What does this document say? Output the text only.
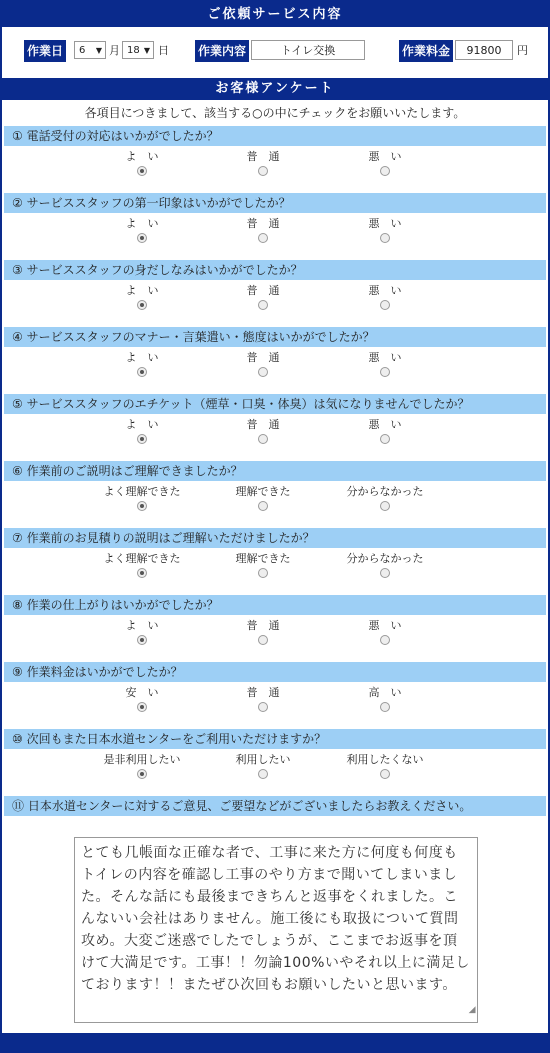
ご依頼サービス内容
作業日	6 ▼ 月 18 ▼ 日 作業内容	トイレ交換	作業料金	91800	円
お客様アンケート
各項目につきまして、該当する○の中にチェックをお願いいたします。
① 電話受付の対応はいかがでしたか？
よ　い	普　通	悪　い
② サービススタッフの第一印象はいかがでしたか？
よ　い	普　通	悪　い
③ サービススタッフの身だしなみはいかがでしたか？
よ　い	普　通	悪　い
④ サービススタッフのマナー・言葉遣い・態度はいかがでしたか？
よ　い	普　通	悪　い
⑤ サービススタッフのエチケット（煙草・口臭・体臭）は気になりませんでしたか？
よ　い	普　通	悪　い
⑥ 作業前のご説明はご理解できましたか？
よく理解できた	理解できた	分からなかった
⑦ 作業前のお見積りの説明はご理解いただけましたか？
よく理解できた	理解できた	分からなかった
⑧ 作業の仕上がりはいかがでしたか？
よ　い	普　通	悪　い
⑨ 作業料金はいかがでしたか？
安　い	普　通	高　い
⑩ 次回もまた日本水道センターをご利用いただけますか？
是非利用したい	利用したい	利用したくない
⑪ 日本水道センターに対するご意見、ご要望などがございましたらお教えください。
とても几帳面な正確な者で、工事に来た方に何度も何度もトイレの内容を確認し工事のやり方まで聞いてしまいました。そんな話にも最後まできちんと返事をくれました。こんないい会社はありません。施工後にも取扱について質問攻め。大変ご迷惑でしたでしょうが、ここまでお返事を頂けて大満足です。工事！！勿論100%いやそれ以上に満足しております！！またぜひ次回もお願いしたいと思います。
◢
